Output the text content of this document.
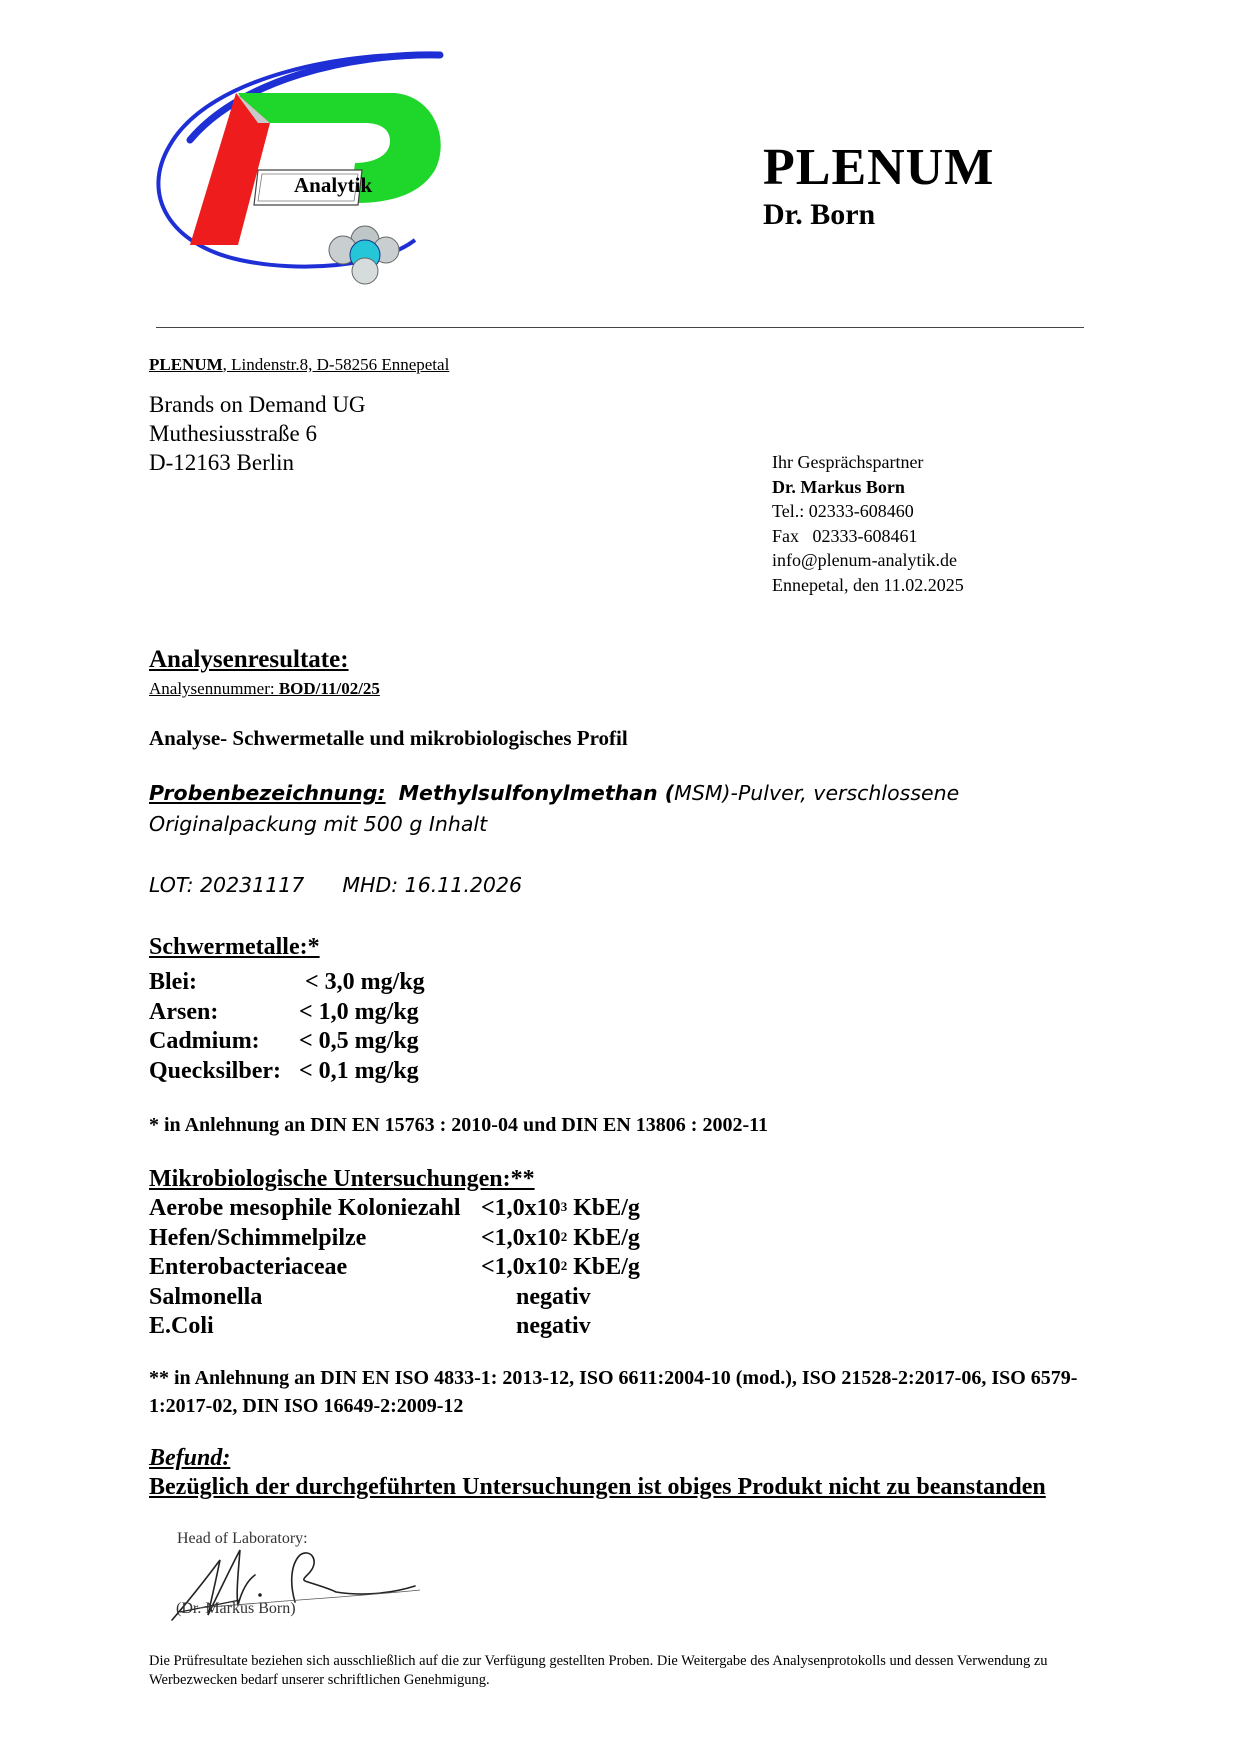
Analytik	PLENUM
Dr. Born
PLENUM, Lindenstr.8, D-58256 Ennepetal
Brands on Demand UG
Muthesiusstraße 6
D-12163 Berlin	Ihr Gesprächspartner
Dr. Markus Born
Tel.: 02333-608460
Fax   02333-608461
info@plenum-analytik.de
Ennepetal, den 11.02.2025
Analysenresultate:
Analysennummer: BOD/11/02/25
Analyse- Schwermetalle und mikrobiologisches Profil
Probenbezeichnung: Methylsulfonylmethan (MSM)-Pulver, verschlossene Originalpackung mit 500 g Inhalt
LOT: 20231117 MHD: 16.11.2026
Schwermetalle:*
Blei:	< 3,0 mg/kg
Arsen:	< 1,0 mg/kg
Cadmium:	< 0,5 mg/kg
Quecksilber: < 0,1 mg/kg
* in Anlehnung an DIN EN 15763 : 2010-04 und DIN EN 13806 : 2002-11
Mikrobiologische Untersuchungen:**
Aerobe mesophile Koloniezahl $<1,0x10^3$ KbE/g
Hefen/Schimmelpilze	$<1,0x10^2$ KbE/g
Enterobacteriaceae	$<1,0x10^2$ KbE/g
Salmonella	negativ
E.Coli	negativ
** in Anlehnung an DIN EN ISO 4833-1: 2013-12, ISO 6611:2004-10 (mod.), ISO 21528-2:2017-06, ISO 6579-1:2017-02, DIN ISO 16649-2:2009-12
Befund:
Bezüglich der durchgeführten Untersuchungen ist obiges Produkt nicht zu beanstanden
Head of Laboratory:
(Dr. Markus Born)
Die Prüfresultate beziehen sich ausschließlich auf die zur Verfügung gestellten Proben. Die Weitergabe des Analysenprotokolls und dessen Verwendung zu Werbezwecken bedarf unserer schriftlichen Genehmigung.
